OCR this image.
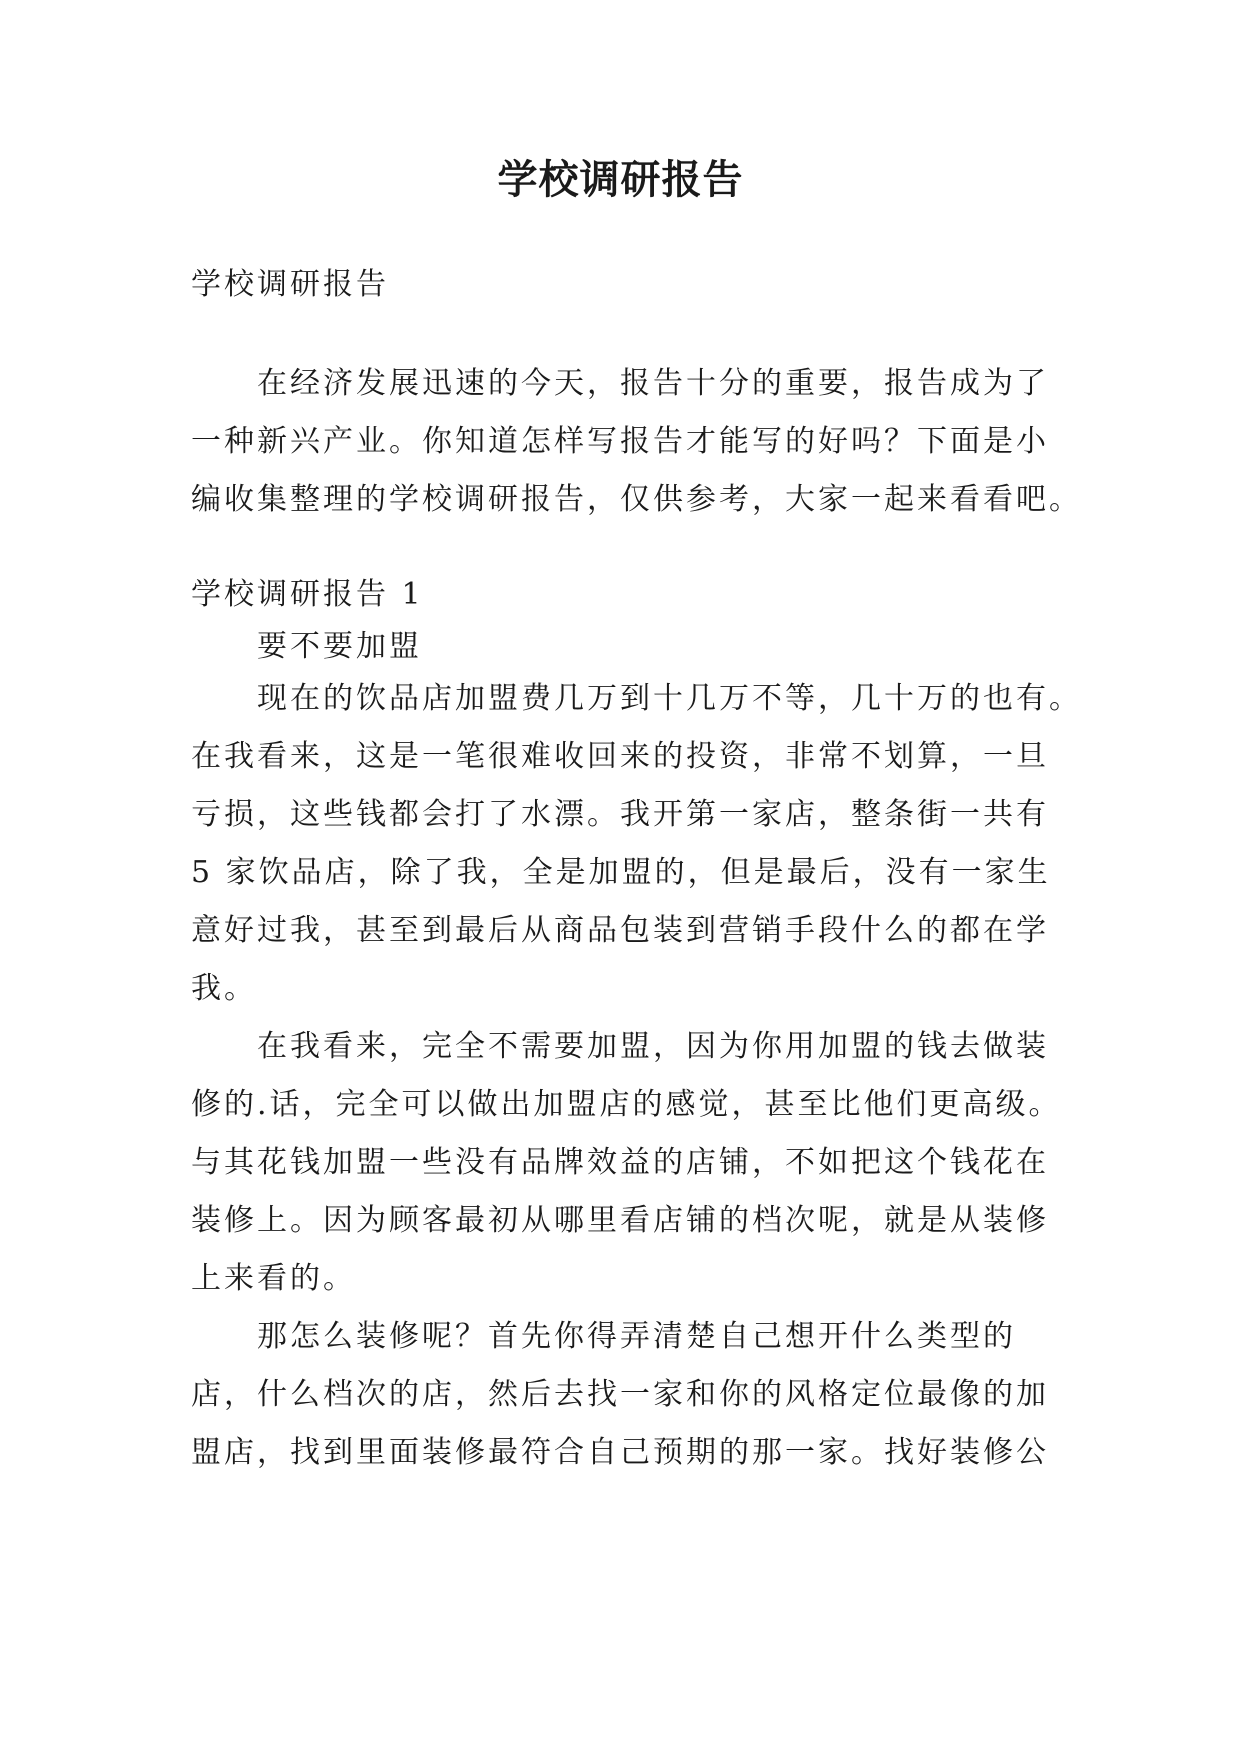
学校调研报告

学校调研报告

在经济发展迅速的今天，报告十分的重要，报告成为了
一种新兴产业。你知道怎样写报告才能写的好吗？下面是小
编收集整理的学校调研报告，仅供参考，大家一起来看看吧。

学校调研报告 1

要不要加盟

现在的饮品店加盟费几万到十几万不等，几十万的也有。
在我看来，这是一笔很难收回来的投资，非常不划算，一旦
亏损，这些钱都会打了水漂。我开第一家店，整条街一共有
5 家饮品店，除了我，全是加盟的，但是最后，没有一家生
意好过我，甚至到最后从商品包装到营销手段什么的都在学
我。

在我看来，完全不需要加盟，因为你用加盟的钱去做装
修的.话，完全可以做出加盟店的感觉，甚至比他们更高级。
与其花钱加盟一些没有品牌效益的店铺，不如把这个钱花在
装修上。因为顾客最初从哪里看店铺的档次呢，就是从装修
上来看的。

那怎么装修呢？首先你得弄清楚自己想开什么类型的
店，什么档次的店，然后去找一家和你的风格定位最像的加
盟店，找到里面装修最符合自己预期的那一家。找好装修公
